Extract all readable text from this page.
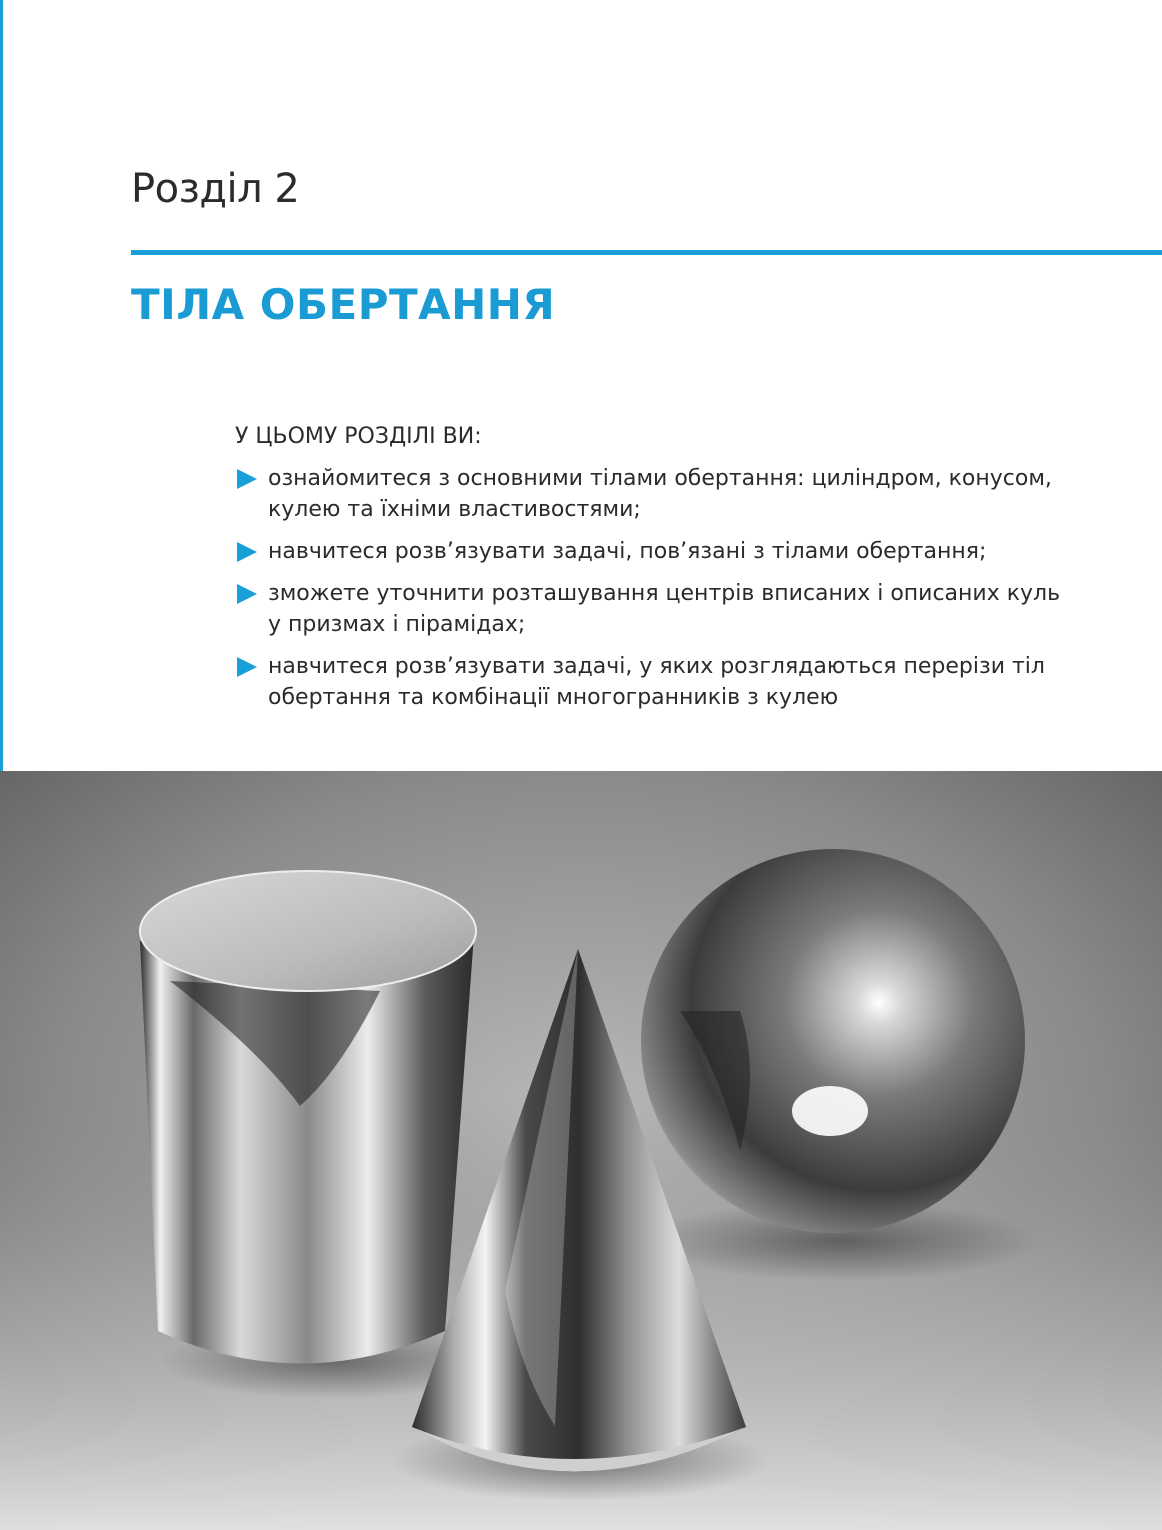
Розділ 2
ТІЛА ОБЕРТАННЯ

У ЦЬОМУ РОЗДІЛІ ВИ:

ознайомитеся з основними тілами обертання: циліндром, конусом,
кулею та їхніми властивостями;
навчитеся розв’язувати задачі, пов’язані з тілами обертання;
зможете уточнити розташування центрів вписаних і описаних куль
у призмах і пірамідах;
навчитеся розв’язувати задачі, у яких розглядаються перерізи тіл
обертання та комбінації многогранників з кулею
